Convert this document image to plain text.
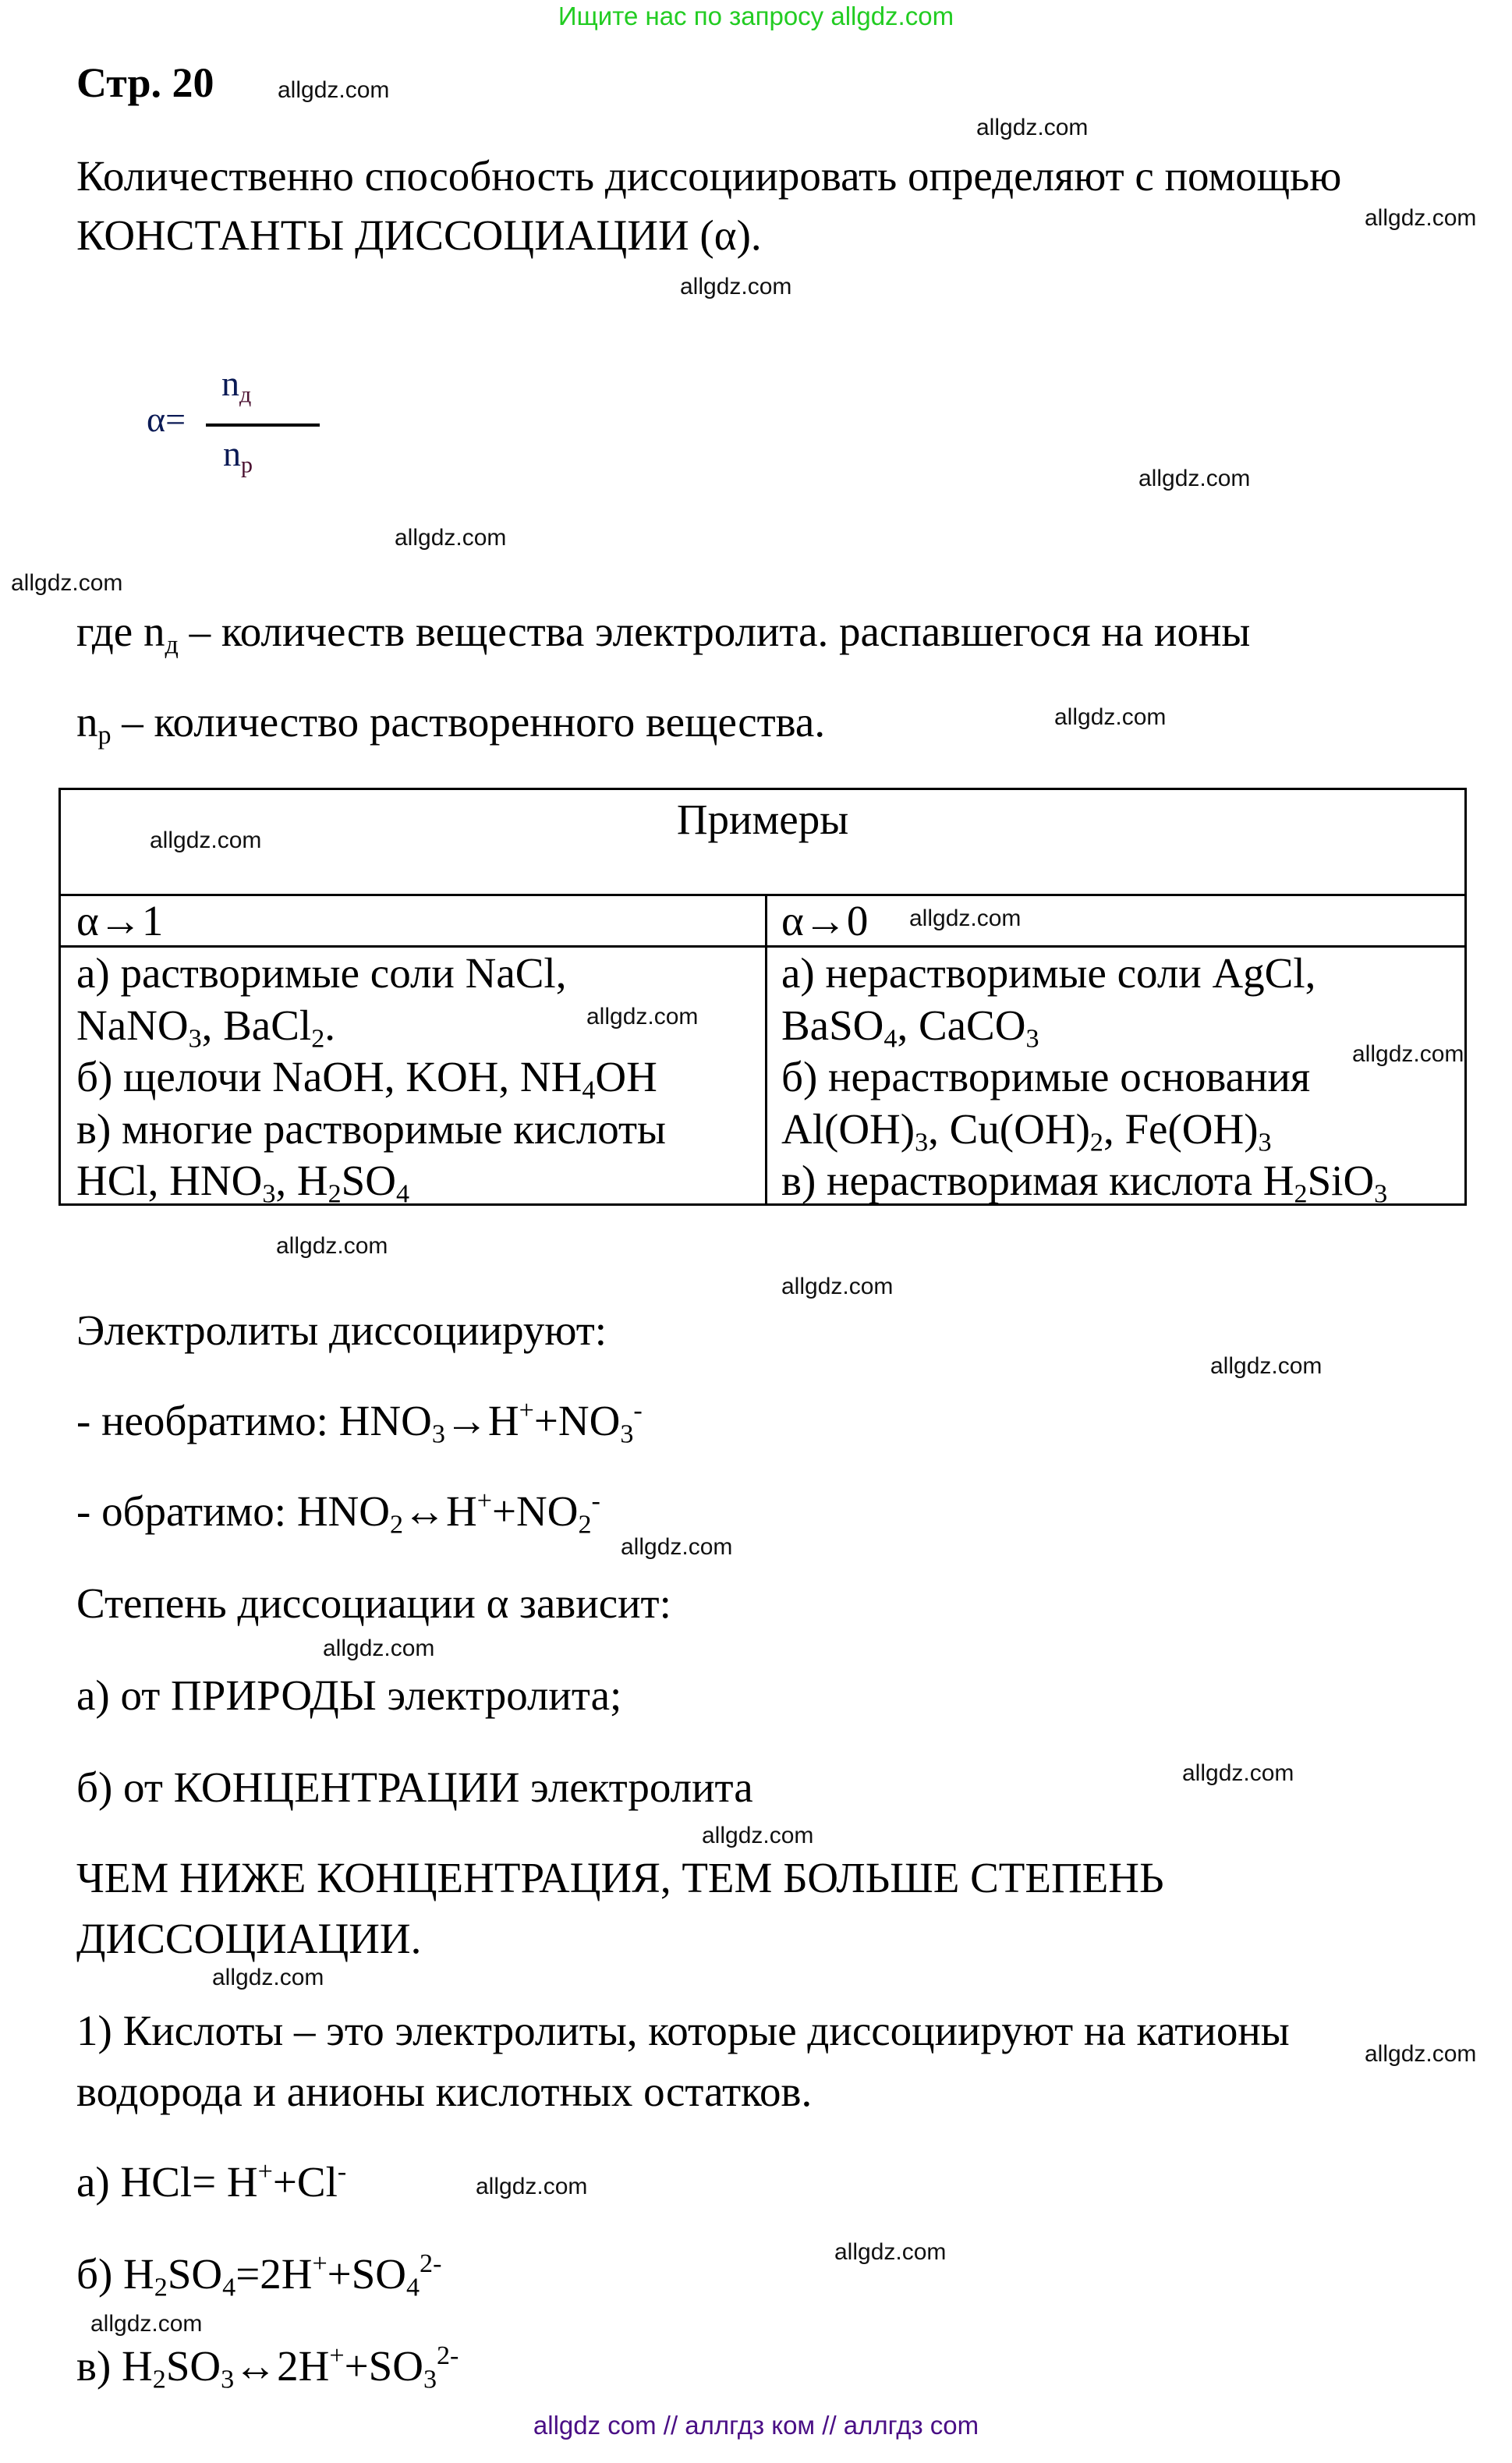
Ищите нас по запросу allgdz.com
Стр. 20
Количественно способность диссоциировать определяют с помощью
КОНСТАНТЫ ДИССОЦИАЦИИ (α).
α=
$n_д$
$n_р$
где $n_д$ – количеств вещества электролита. распавшегося на ионы
$n_р$ – количество растворенного вещества.
Примеры
α→1	α→0
а) растворимые соли NaCl,
NaNO$_3$, BaCl$_2$.
б) щелочи NaOH, KOH, $NH_4OH$
в) многие растворимые кислоты
HCl, $HNO_3$, $H_2SO_4$
а) нерастворимые соли AgCl,
BaSO$_4$, CaCO$_3$
б) нерастворимые основания
$Al(OH)_3$, $Cu(OH)_2$, $Fe(OH)_3$
в) нерастворимая кислота $H_2SiO_3$
Электролиты диссоциируют:
- необратимо: $HNO_3\to H^++NO_3^-$
- обратимо: $HNO_2\leftrightarrow H^++NO_2^-$
Степень диссоциации α зависит:
а) от ПРИРОДЫ электролита;
б) от КОНЦЕНТРАЦИИ электролита
ЧЕМ НИЖЕ КОНЦЕНТРАЦИЯ, ТЕМ БОЛЬШЕ СТЕПЕНЬ
ДИССОЦИАЦИИ.
1) Кислоты – это электролиты, которые диссоциируют на катионы
водорода и анионы кислотных остатков.
а) HCl= H++Cl-
б) $H_2SO_4=2H^++SO_4^{2-}$
в) $H_2SO_3\leftrightarrow 2H^++SO_3^{2-}$
allgdz.com
allgdz.com
allgdz.com
allgdz.com
allgdz.com
allgdz.com
allgdz.com
allgdz.com
allgdz.com
allgdz.com
allgdz.com
allgdz.com
allgdz.com
allgdz.com
allgdz.com
allgdz.com
allgdz.com
allgdz.com
allgdz.com
allgdz.com
allgdz.com
allgdz.com
allgdz.com
allgdz.com
allgdz com // аллгдз ком // аллгдз com
